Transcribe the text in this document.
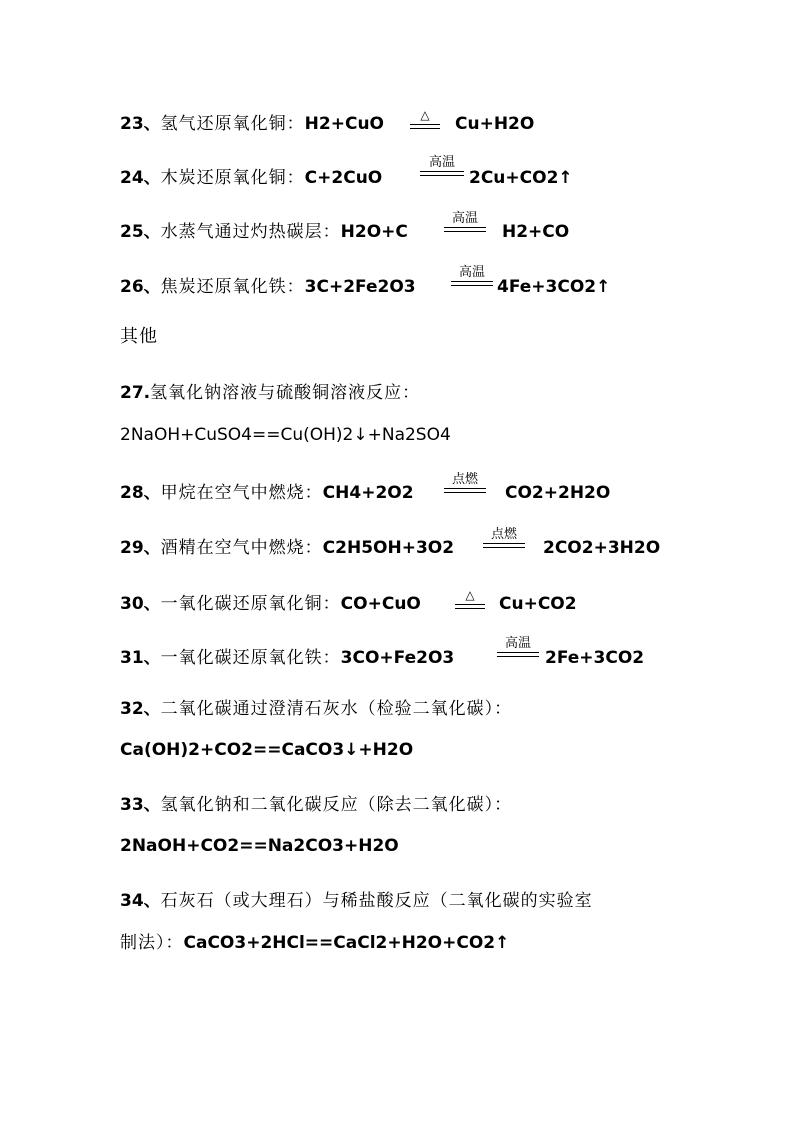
23、氢气还原氧化铜：H2+CuO	△	Cu+H2O
24、木炭还原氧化铜：C+2CuO
高温
2Cu+CO2↑
25、水蒸气通过灼热碳层：H2O+C
高温
H2+CO
26、焦炭还原氧化铁：3C+2Fe2O3
高温
4Fe+3CO2↑
其他
27.氢氧化钠溶液与硫酸铜溶液反应：
2NaOH+CuSO4==Cu(OH)2↓+Na2SO4
28、甲烷在空气中燃烧：CH4+2O2
点燃
CO2+2H2O
29、酒精在空气中燃烧：C2H5OH+3O2
点燃
2CO2+3H2O
30、一氧化碳还原氧化铜：CO+CuO	△	Cu+CO2
31、一氧化碳还原氧化铁：3CO+Fe2O3
高温
2Fe+3CO2
32、二氧化碳通过澄清石灰水（检验二氧化碳）：
Ca(OH)2+CO2==CaCO3↓+H2O
33、氢氧化钠和二氧化碳反应（除去二氧化碳）：
2NaOH+CO2==Na2CO3+H2O
34、石灰石（或大理石）与稀盐酸反应（二氧化碳的实验室
制法）：CaCO3+2HCl==CaCl2+H2O+CO2↑
